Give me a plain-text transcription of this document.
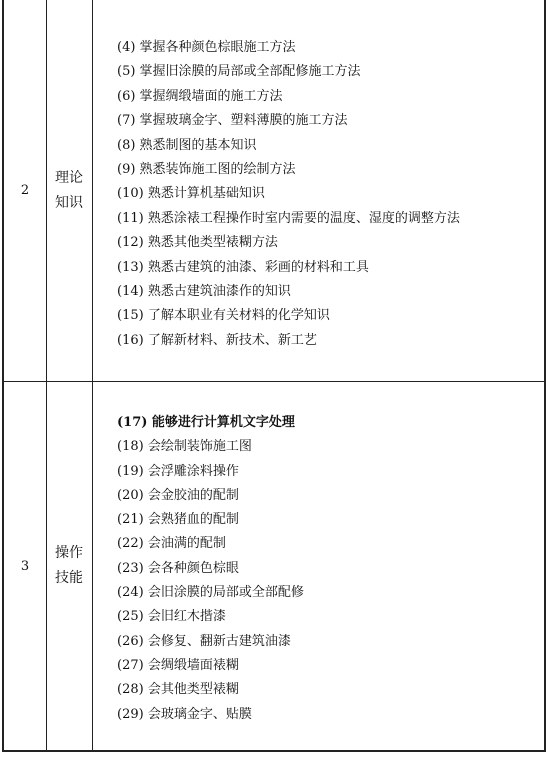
2
理论
知识
(4) 掌握各种颜色棕眼施工方法
(5) 掌握旧涂膜的局部或全部配修施工方法
(6) 掌握绸缎墙面的施工方法
(7) 掌握玻璃金字、塑料薄膜的施工方法
(8) 熟悉制图的基本知识
(9) 熟悉装饰施工图的绘制方法
(10) 熟悉计算机基础知识
(11) 熟悉涂裱工程操作时室内需要的温度、湿度的调整方法
(12) 熟悉其他类型裱糊方法
(13) 熟悉古建筑的油漆、彩画的材料和工具
(14) 熟悉古建筑油漆作的知识
(15) 了解本职业有关材料的化学知识
(16) 了解新材料、新技术、新工艺
3
操作
技能
(17) 能够进行计算机文字处理
(18) 会绘制装饰施工图
(19) 会浮雕涂料操作
(20) 会金胶油的配制
(21) 会熟猪血的配制
(22) 会油满的配制
(23) 会各种颜色棕眼
(24) 会旧涂膜的局部或全部配修
(25) 会旧红木揩漆
(26) 会修复、翻新古建筑油漆
(27) 会绸缎墙面裱糊
(28) 会其他类型裱糊
(29) 会玻璃金字、贴膜
